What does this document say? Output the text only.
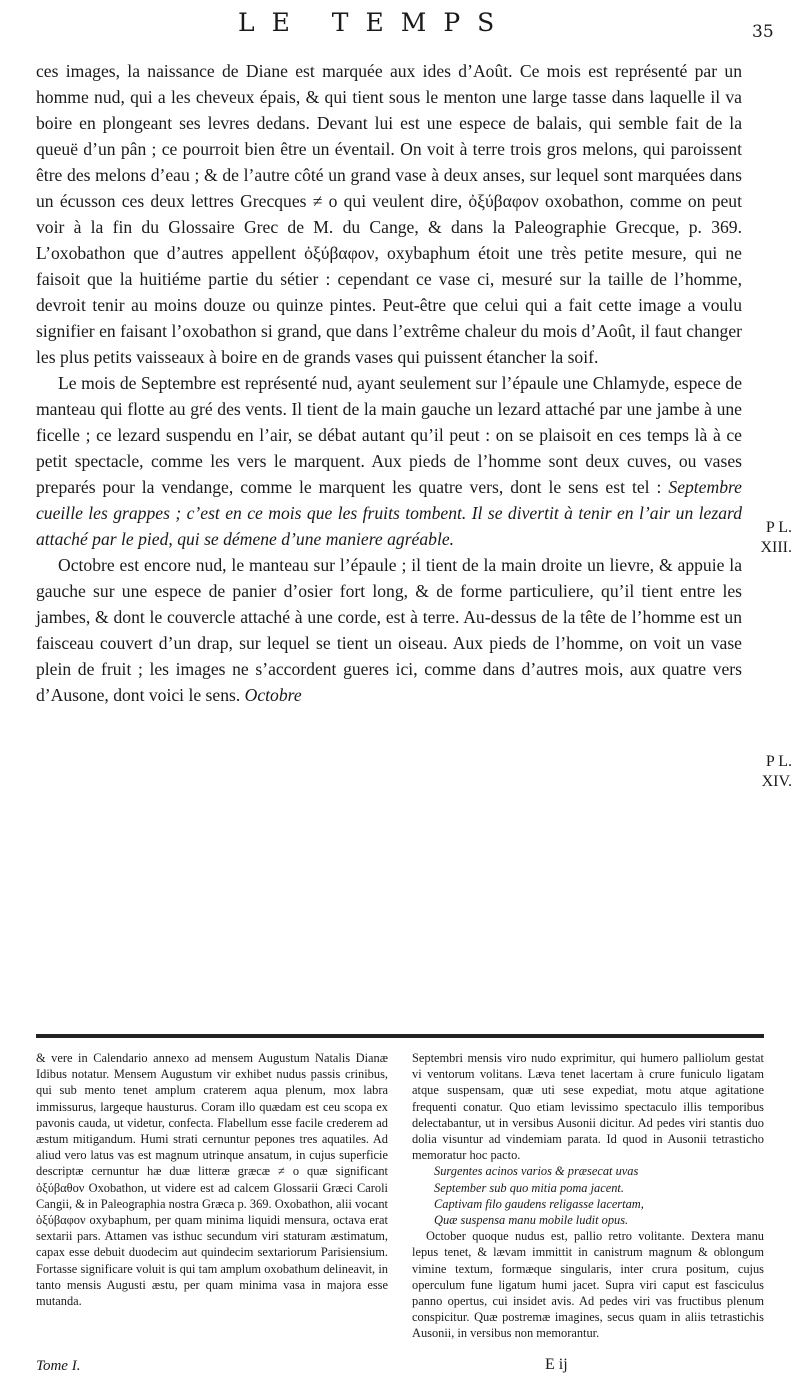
LE TEMPS	35

ces images, la naissance de Diane est marquée aux ides d’Août. Ce mois est représenté par un homme nud, qui a les cheveux épais, & qui tient sous le menton une large tasse dans laquelle il va boire en plongeant ses levres dedans. Devant lui est une espece de balais, qui semble fait de la queuë d’un pân ; ce pourroit bien être un éventail. On voit à terre trois gros melons, qui paroissent être des melons d’eau ; & de l’autre côté un grand vase à deux anses, sur lequel sont marquées dans un écusson ces deux lettres Grecques ≠ o qui veulent dire, ὀξύβαφον oxobathon, comme on peut voir à la fin du Glossaire Grec de M. du Cange, & dans la Paleographie Grecque, p. 369. L’oxobathon que d’autres appellent ὀξύβαφον, oxybaphum étoit une très petite mesure, qui ne faisoit que la huitiéme partie du sétier : cependant ce vase ci, mesuré sur la taille de l’homme, devroit tenir au moins douze ou quinze pintes. Peut-être que celui qui a fait cette image a voulu signifier en faisant l’oxobathon si grand, que dans l’extrême chaleur du mois d’Août, il faut changer les plus petits vaisseaux à boire en de grands vases qui puissent étancher la soif.

Le mois de Septembre est représenté nud, ayant seulement sur l’épaule une Chlamyde, espece de manteau qui flotte au gré des vents. Il tient de la main gauche un lezard attaché par une jambe à une ficelle ; ce lezard suspendu en l’air, se débat autant qu’il peut : on se plaisoit en ces temps là à ce petit spectacle, comme les vers le marquent. Aux pieds de l’homme sont deux cuves, ou vases preparés pour la vendange, comme le marquent les quatre vers, dont le sens est tel : Septembre cueille les grappes ; c’est en ce mois que les fruits tombent. Il se divertit à tenir en l’air un lezard attaché par le pied, qui se démene d’une maniere agréable.

Octobre est encore nud, le manteau sur l’épaule ; il tient de la main droite un lievre, & appuie la gauche sur une espece de panier d’osier fort long, & de forme particuliere, qu’il tient entre les jambes, & dont le couvercle attaché à une corde, est à terre. Au-dessus de la tête de l’homme est un faisceau couvert d’un drap, sur lequel se tient un oiseau. Aux pieds de l’homme, on voit un vase plein de fruit ; les images ne s’accordent gueres ici, comme dans d’autres mois, aux quatre vers d’Ausone, dont voici le sens. Octobre

P L.
XIII.
P L.
XIV.

& vere in Calendario annexo ad mensem Augustum Natalis Dianæ Idibus notatur. Mensem Augustum vir exhibet nudus passis crinibus, qui sub mento tenet amplum craterem aqua plenum, mox labra immissurus, largeque hausturus. Coram illo quædam est ceu scopa ex pavonis cauda, ut videtur, confecta. Flabellum esse facile crederem ad æstum mitigandum. Humi strati cernuntur pepones tres aquatiles. Ad aliud vero latus vas est magnum utrinque ansatum, in cujus superficie descriptæ cernuntur hæ duæ litteræ græcæ ≠ o quæ significant ὀξύβαθον Oxobathon, ut videre est ad calcem Glossarii Græci Caroli Cangii, & in Paleographia nostra Græca p. 369. Oxobathon, alii vocant ὀξύβαφον oxybaphum, per quam minima liquidi mensura, octava erat sextarii pars. Attamen vas isthuc secundum viri staturam æstimatum, capax esse debuit duodecim aut quindecim sextariorum Parisiensium. Fortasse significare voluit is qui tam amplum oxobathum delineavit, in tanto mensis Augusti æstu, per quam minima vasa in majora esse mutanda.

Septembri mensis viro nudo exprimitur, qui humero palliolum gestat vi ventorum volitans. Læva tenet lacertam à crure funiculo ligatam atque suspensam, quæ uti sese expediat, motu atque agitatione frequenti conatur. Quo etiam levissimo spectaculo illis temporibus delectabantur, ut in versibus Ausonii dicitur. Ad pedes viri stantis duo dolia visuntur ad vindemiam parata. Id quod in Ausonii tetrasticho memoratur hoc pacto.

Surgentes acinos varios & præsecat uvas

September sub quo mitia poma jacent.

Captivam filo gaudens religasse lacertam,

Quæ suspensa manu mobile ludit opus.

October quoque nudus est, pallio retro volitante. Dextera manu lepus tenet, & lævam immittit in canistrum magnum & oblongum vimine textum, formæque singularis, inter crura positum, cujus operculum fune ligatum humi jacet. Supra viri caput est fasciculus panno opertus, cui insidet avis. Ad pedes viri vas fructibus plenum conspicitur. Quæ postremæ imagines, secus quam in aliis tetrastichis Ausonii, in versibus non memorantur.

Tome I.	E ij
